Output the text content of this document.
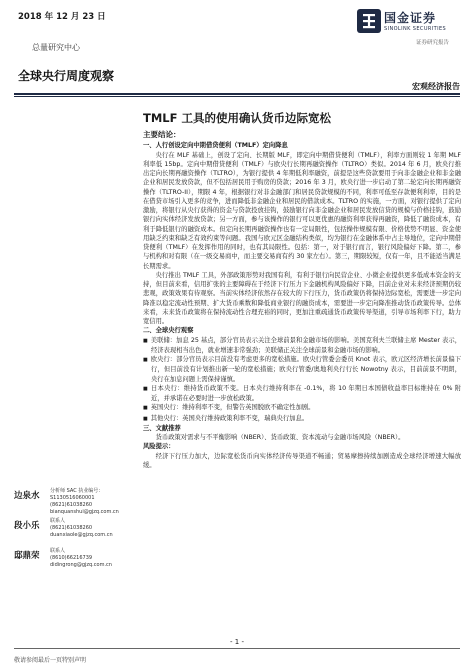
2018 年 12 月 23 日
总量研究中心
全球央行周度观察
国金证券
SINOLINK SECURITIES
证券研究报告
宏观经济报告
TMLF 工具的使用确认货币边际宽松

主要结论：

一、人行创设定向中期借贷便利（TMLF）定向降息

央行在 MLF 基础上，创设了定向、长期版 MLF，即定向中期借贷便利（TMLF），利率方面则较 1 年期 MLF 利率低 15bp。定向中期借贷便利（TMLF）与欧央行长期再融资操作（TLTRO）类似。2014 年 6 月，欧央行推出定向长期再融资操作（TLTRO），为银行提供 4 年期低利率融资，前提是这些贷款要用于向非金融企业和非金融企业和居民发放贷款，但不包括居民用于购房的贷款；2016 年 3 月，欧央行进一步启动了第二轮定向长期再融资操作（TLTRO-II），期限 4 年，根据银行对非金融部门和居民贷款规模的不同，利率可低至存款便利利率，目的是在借贷市场引入更多的竞争，进而降低非金融企业和居民的借款成本。TLTRO 的实施，一方面，对银行提供了定向激励，将银行从央行获得的资金与贷款投放挂钩，鼓励银行向非金融企业和居民发放信贷的规模与价格挂钩，鼓励银行向实体经济发放贷款；另一方面，参与该操作的银行可以更优惠的融资利率获得再融资，降低了融资成本，有利于降低银行的融资成本。但定向长期再融资操作也有一定局限性，包括操作规模有限、价格优势不明显、资金使用缺乏约束和缺乏有效约束等问题。我国与欧元区金融结构类似，均为银行在金融体系中占主导地位，定向中期借贷便利（TMLF）在发挥作用的同时，也有其局限性。包括：第一，对于银行而言，银行风险偏好下降。第二，参与机构和对有限（在一级交易商中，而主要交易商有约 30 家左右）。第三，期限较短，仅有一年，且不能适当满足长期需求。

央行推出 TMLF 工具，外部政策形势对我国有利，有利于银行向民营企业、小微企业提供更多低成本资金的支持，但目前来看，信用扩张的主要障碍在于经济下行压力下金融机构风险偏好下降，目前企业对未来经济预期仍较悲观，政策效果有待观察。当前实体经济依然存在较大的下行压力，货币政策仍将保持边际宽松，需要进一步定向降准以稳定流动性预期、扩大货币乘数和降低商业银行的融资成本，需要进一步定向降准推动货币政策传导。总体来看，未来货币政策将在保持流动性合理充裕的同时，更加注重疏通货币政策传导渠道，引导市场利率下行，助力宽信用。

二、全球央行观察

■ 美联储：加息 25 基点，部分官员表示关注全球前景和金融市场的影响。美国克利夫兰联储主席 Mester 表示，经济表现相当出色，就业增速非常强劲；美联储正关注全球前景和金融市场的影响。

■ 欧央行：部分官员表示目前没有考虑更多的宽松措施。欧央行管委会委员 Knot 表示，欧元区经济增长前景偏下行，但目前没有计划推出新一轮的宽松措施；欧央行管委/奥地利央行行长 Nowotny 表示，目前前景不明朗，央行在加息问题上需保持谨慎。

■ 日本央行：维持货币政策不变。日本央行维持利率在 -0.1%，将 10 年期日本国债收益率目标维持在 0% 附近，并承诺在必要时进一步放松政策。

■ 英国央行：维持利率不变，但警告英国脱欧不确定性加剧。

■ 其他央行：英国央行维持政策利率不变，瑞典央行加息。

三、文献推荐

货币政策对需求与不平衡影响（NBER）、货币政策、资本流动与金融市场风险（NBER）。

风险提示：

经济下行压力加大，边际宽松货币向实体经济传导渠道不畅通；贸易摩擦持续加剧造成全球经济增速大幅放缓。

边泉水 分析师 SAC 执业编号：S1130516060001
(8621)61038260
bianquanshui@gjzq.com.cn
段小乐 联系人
(8621)61038260
duanxiaole@gjzq.com.cn
邸鼎荣 联系人
(8610)66216739
didingrong@gjzq.com.cn
- 1 -
敬请参阅最后一页特别声明
